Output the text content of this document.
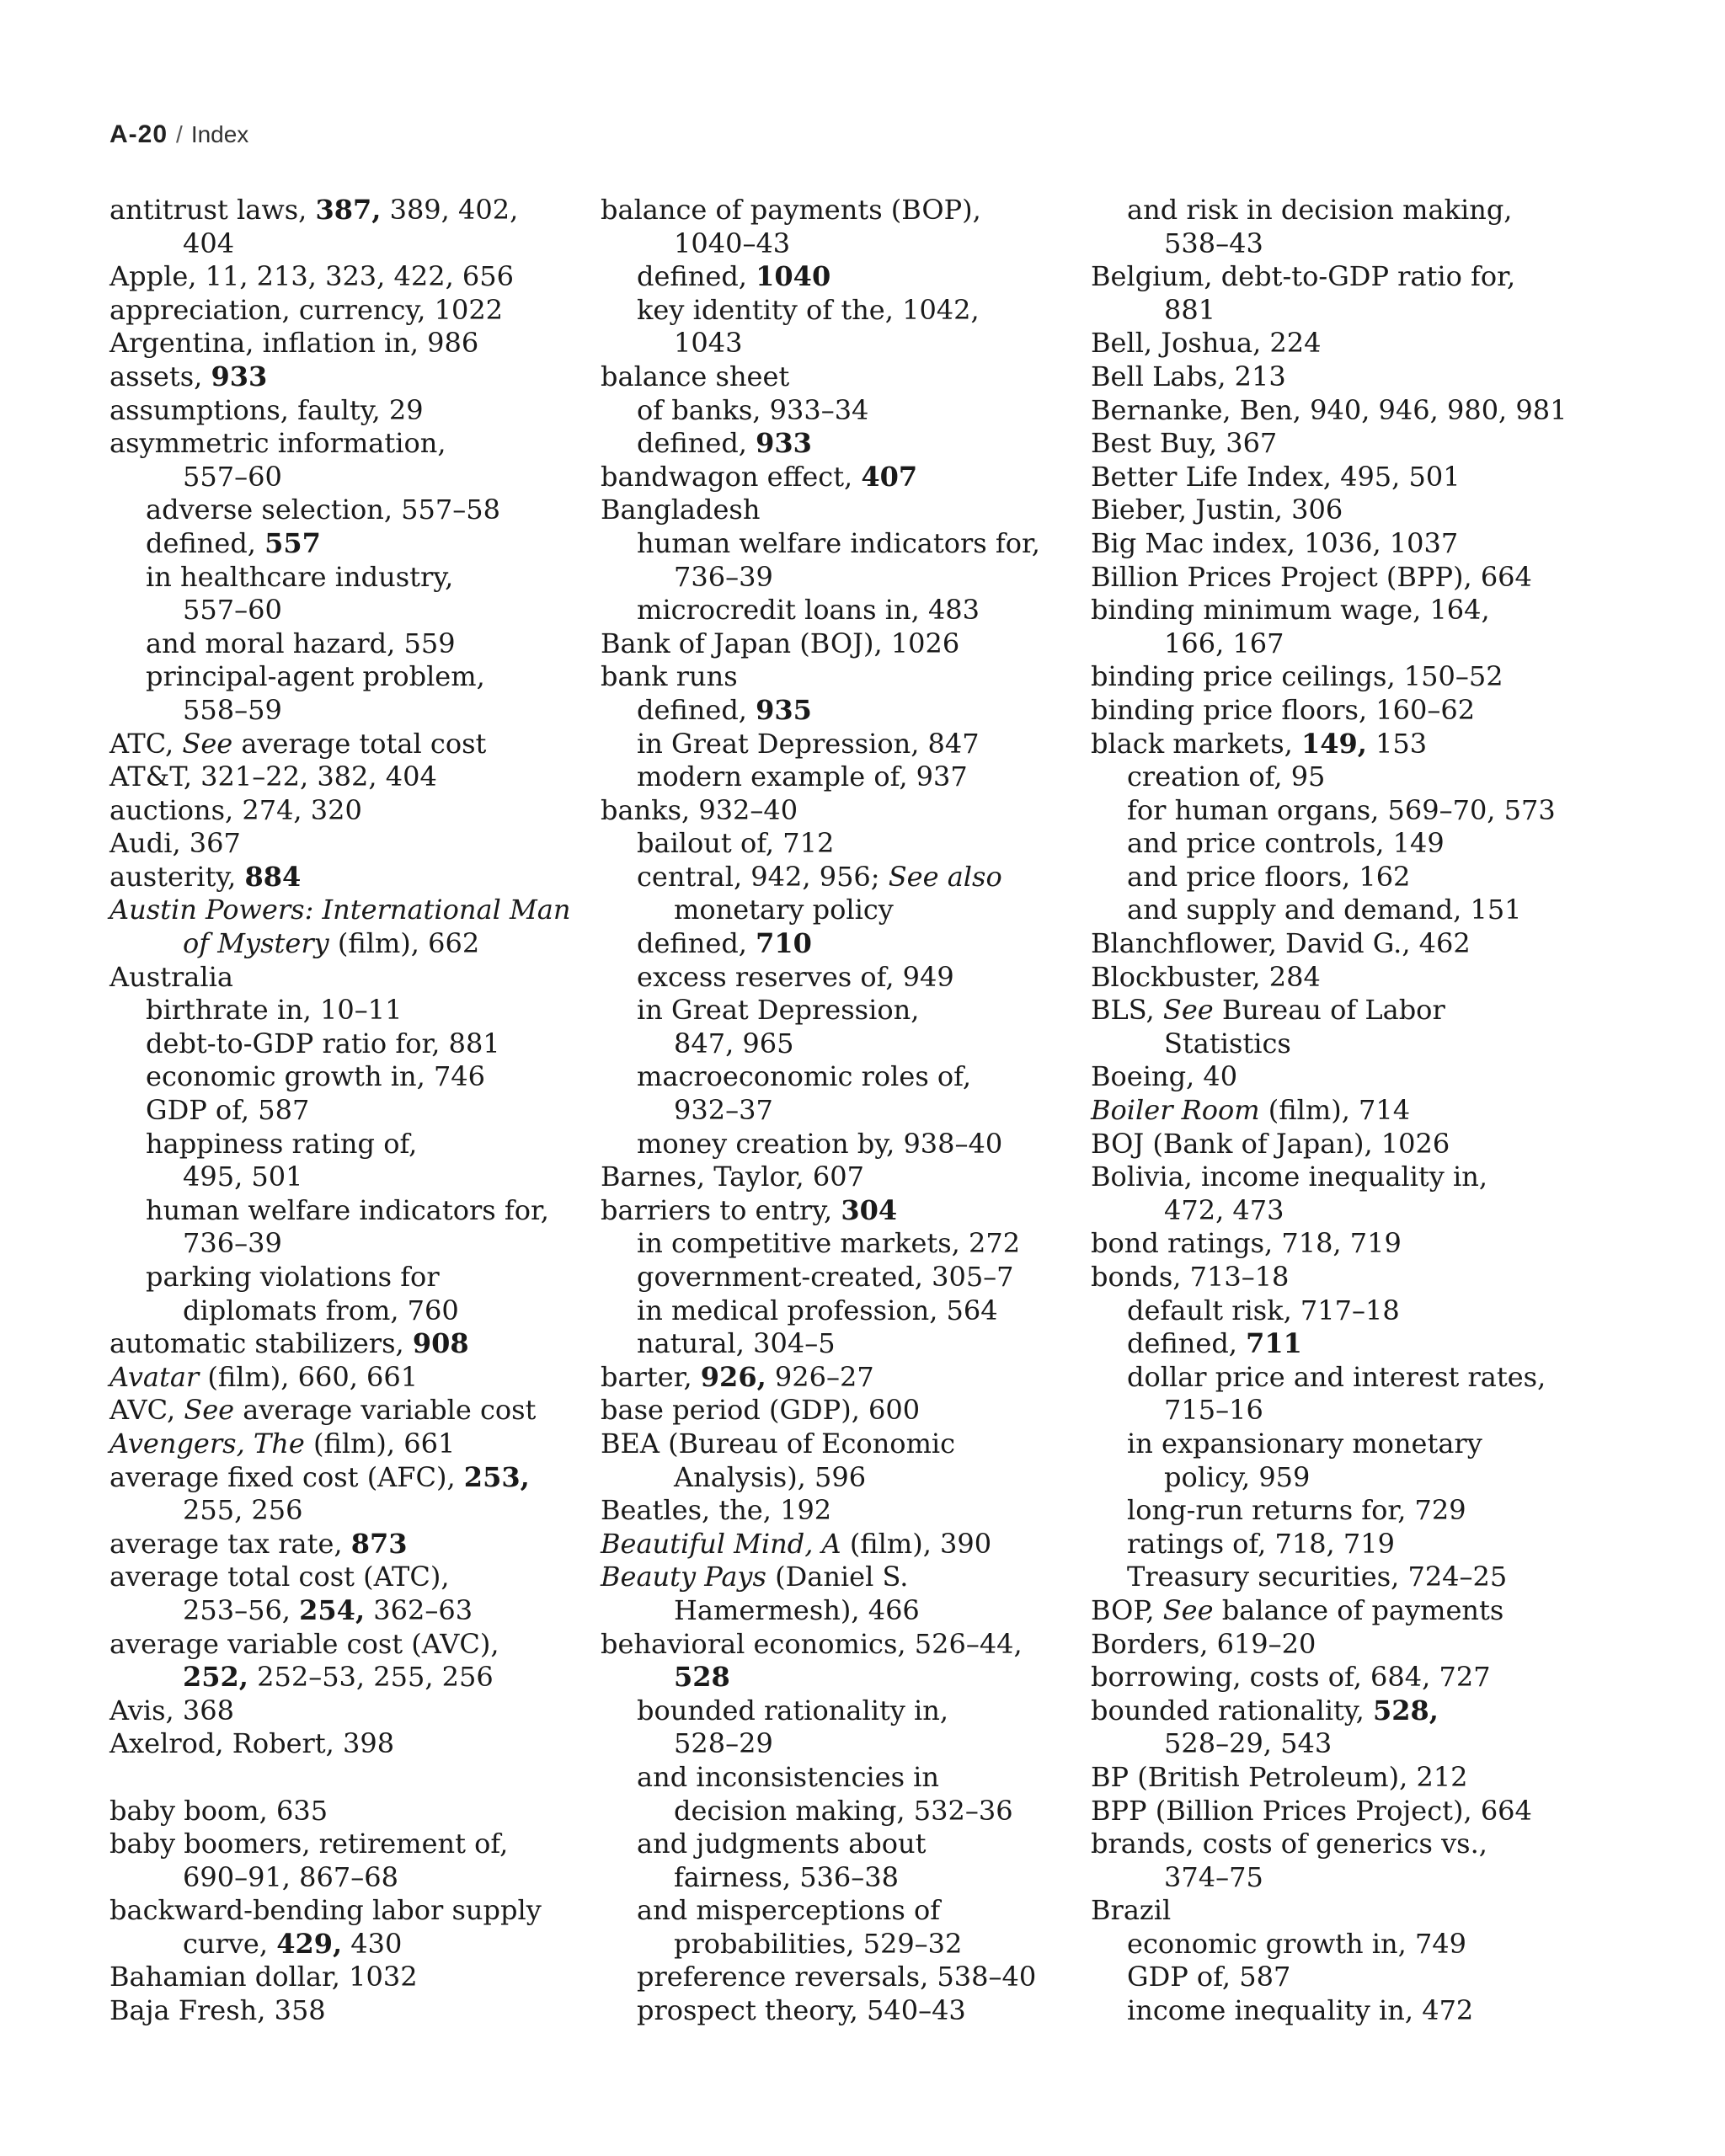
A-20 / Index
antitrust laws, 387, 389, 402,
404
Apple, 11, 213, 323, 422, 656
appreciation, currency, 1022
Argentina, inflation in, 986
assets, 933
assumptions, faulty, 29
asymmetric information,
557–60
adverse selection, 557–58
defined, 557
in healthcare industry,
557–60
and moral hazard, 559
principal-agent problem,
558–59
ATC, See average total cost
AT&T, 321–22, 382, 404
auctions, 274, 320
Audi, 367
austerity, 884
Austin Powers: International Man
of Mystery (film), 662
Australia
birthrate in, 10–11
debt-to-GDP ratio for, 881
economic growth in, 746
GDP of, 587
happiness rating of,
495, 501
human welfare indicators for,
736–39
parking violations for
diplomats from, 760
automatic stabilizers, 908
Avatar (film), 660, 661
AVC, See average variable cost
Avengers, The (film), 661
average fixed cost (AFC), 253,
255, 256
average tax rate, 873
average total cost (ATC),
253–56, 254, 362–63
average variable cost (AVC),
252, 252–53, 255, 256
Avis, 368
Axelrod, Robert, 398
baby boom, 635
baby boomers, retirement of,
690–91, 867–68
backward-bending labor supply
curve, 429, 430
Bahamian dollar, 1032
Baja Fresh, 358
balance of payments (BOP),
1040–43
defined, 1040
key identity of the, 1042,
1043
balance sheet
of banks, 933–34
defined, 933
bandwagon effect, 407
Bangladesh
human welfare indicators for,
736–39
microcredit loans in, 483
Bank of Japan (BOJ), 1026
bank runs
defined, 935
in Great Depression, 847
modern example of, 937
banks, 932–40
bailout of, 712
central, 942, 956; See also
monetary policy
defined, 710
excess reserves of, 949
in Great Depression,
847, 965
macroeconomic roles of,
932–37
money creation by, 938–40
Barnes, Taylor, 607
barriers to entry, 304
in competitive markets, 272
government-created, 305–7
in medical profession, 564
natural, 304–5
barter, 926, 926–27
base period (GDP), 600
BEA (Bureau of Economic
Analysis), 596
Beatles, the, 192
Beautiful Mind, A (film), 390
Beauty Pays (Daniel S.
Hamermesh), 466
behavioral economics, 526–44,
528
bounded rationality in,
528–29
and inconsistencies in
decision making, 532–36
and judgments about
fairness, 536–38
and misperceptions of
probabilities, 529–32
preference reversals, 538–40
prospect theory, 540–43
and risk in decision making,
538–43
Belgium, debt-to-GDP ratio for,
881
Bell, Joshua, 224
Bell Labs, 213
Bernanke, Ben, 940, 946, 980, 981
Best Buy, 367
Better Life Index, 495, 501
Bieber, Justin, 306
Big Mac index, 1036, 1037
Billion Prices Project (BPP), 664
binding minimum wage, 164,
166, 167
binding price ceilings, 150–52
binding price floors, 160–62
black markets, 149, 153
creation of, 95
for human organs, 569–70, 573
and price controls, 149
and price floors, 162
and supply and demand, 151
Blanchflower, David G., 462
Blockbuster, 284
BLS, See Bureau of Labor
Statistics
Boeing, 40
Boiler Room (film), 714
BOJ (Bank of Japan), 1026
Bolivia, income inequality in,
472, 473
bond ratings, 718, 719
bonds, 713–18
default risk, 717–18
defined, 711
dollar price and interest rates,
715–16
in expansionary monetary
policy, 959
long-run returns for, 729
ratings of, 718, 719
Treasury securities, 724–25
BOP, See balance of payments
Borders, 619–20
borrowing, costs of, 684, 727
bounded rationality, 528,
528–29, 543
BP (British Petroleum), 212
BPP (Billion Prices Project), 664
brands, costs of generics vs.,
374–75
Brazil
economic growth in, 749
GDP of, 587
income inequality in, 472
